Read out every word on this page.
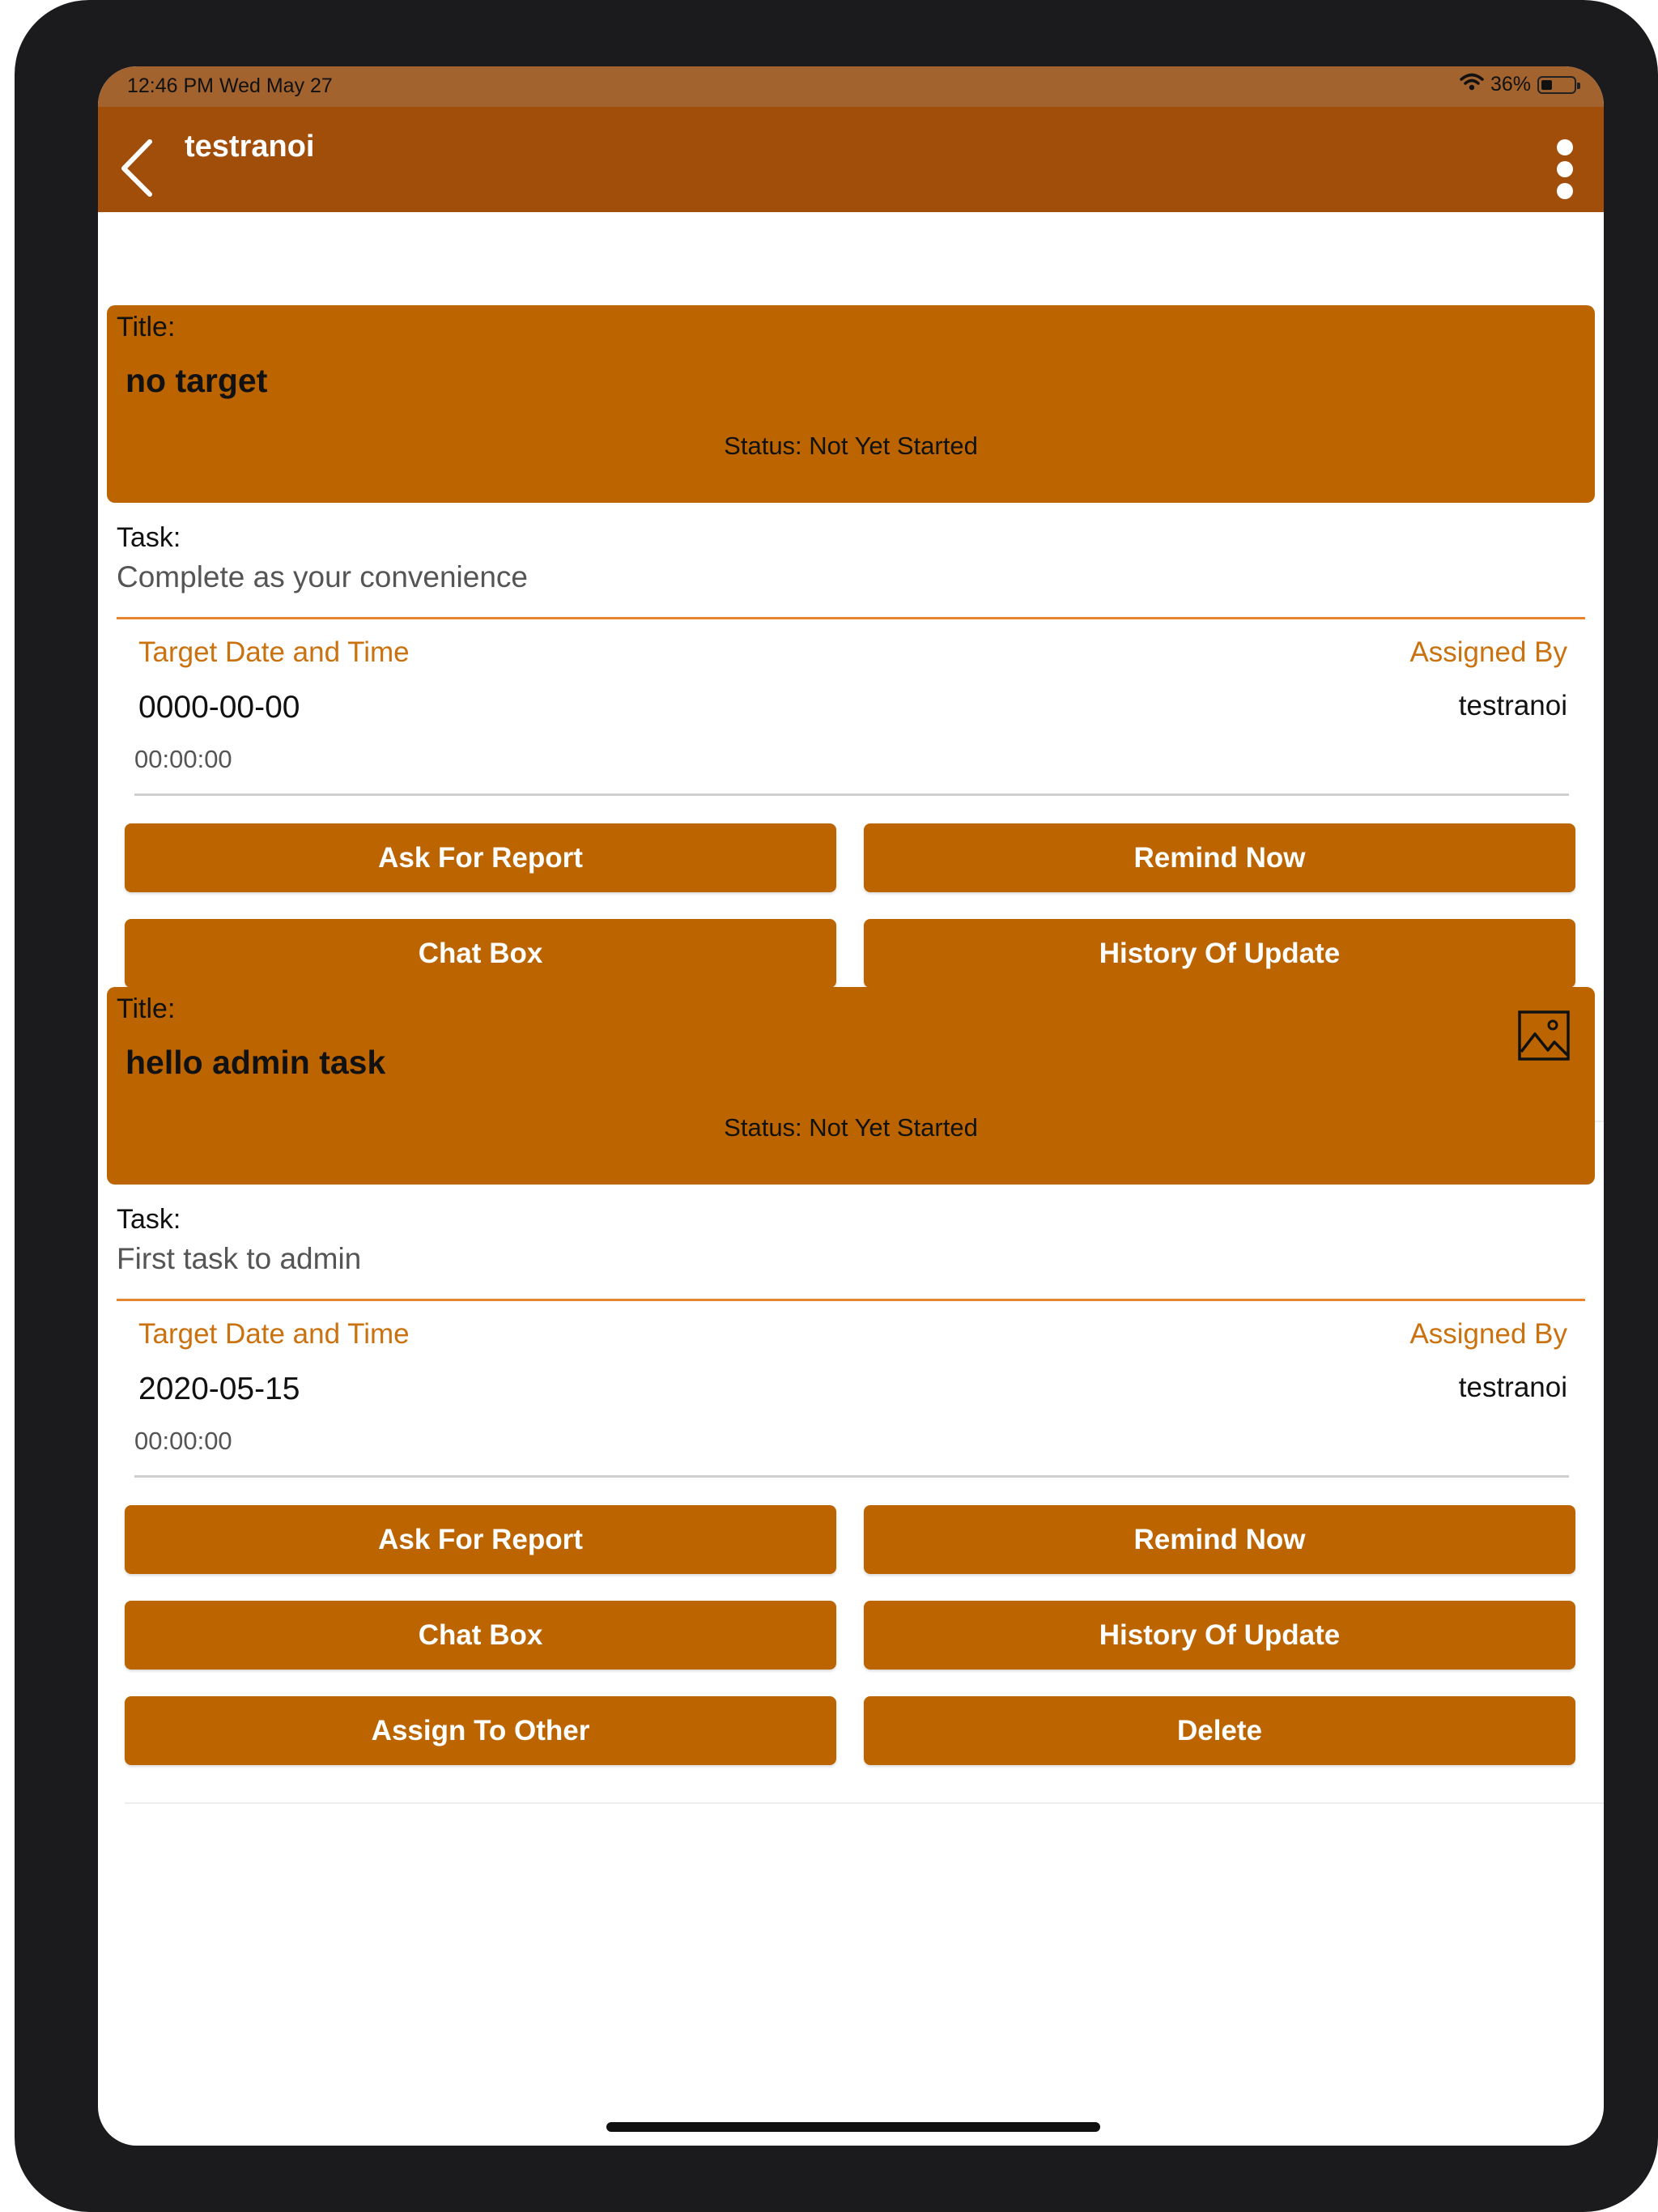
12:46 PM Wed May 27	36%
testranoi
Title:
no target
Status: Not Yet Started
Task:
Complete as your convenience
Target Date and Time	Assigned By
0000-00-00	testranoi
00:00:00
Ask For Report	Remind Now
Chat Box	History Of Update
Title:
hello admin task
Status: Not Yet Started
Task:
First task to admin
Target Date and Time	Assigned By
2020-05-15	testranoi
00:00:00
Ask For Report	Remind Now
Chat Box	History Of Update
Assign To Other	Delete
